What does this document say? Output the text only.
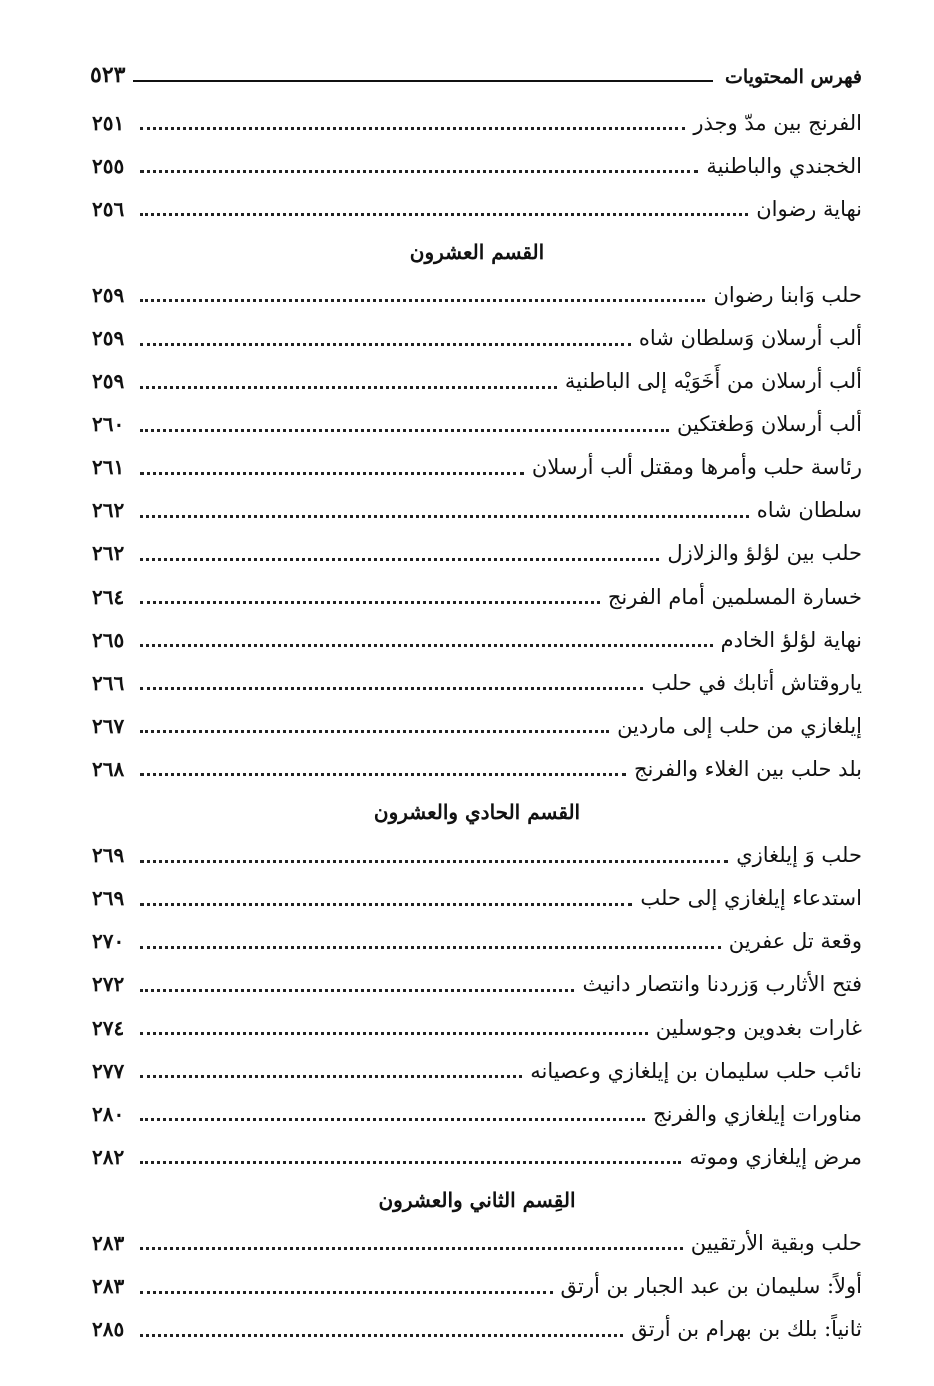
فهرس المحتويات
٥٢٣
الفرنج بين مدّ وجذر
٢٥١
الخجندي والباطنية
٢٥٥
نهاية رضوان
٢٥٦
القسم العشرون
حلب وَابنا رضوان
٢٥٩
ألب أرسلان وَسلطان شاه
٢٥٩
ألب أرسلان من أَخَوَيْه إلى الباطنية
٢٥٩
ألب أرسلان وَطغتكين
٢٦٠
رئاسة حلب وأمرها ومقتل ألب أرسلان
٢٦١
سلطان شاه
٢٦٢
حلب بين لؤلؤ والزلازل
٢٦٢
خسارة المسلمين أمام الفرنج
٢٦٤
نهاية لؤلؤ الخادم
٢٦٥
ياروقتاش أتابك في حلب
٢٦٦
إيلغازي من حلب إلى ماردين
٢٦٧
بلد حلب بين الغلاء والفرنج
٢٦٨
القسم الحادي والعشرون
حلب وَ إيلغازي
٢٦٩
استدعاء إيلغازي إلى حلب
٢٦٩
وقعة تل عفرين
٢٧٠
فتح الأثارب وَزردنا وانتصار دانيث
٢٧٢
غارات بغدوين وجوسلين
٢٧٤
نائب حلب سليمان بن إيلغازي وعصيانه
٢٧٧
مناورات إيلغازي والفرنج
٢٨٠
مرض إيلغازي وموته
٢٨٢
القِسم الثاني والعشرون
حلب وبقية الأرتقيين
٢٨٣
أولاً: سليمان بن عبد الجبار بن أرتق
٢٨٣
ثانياً: بلك بن بهرام بن أرتق
٢٨٥
